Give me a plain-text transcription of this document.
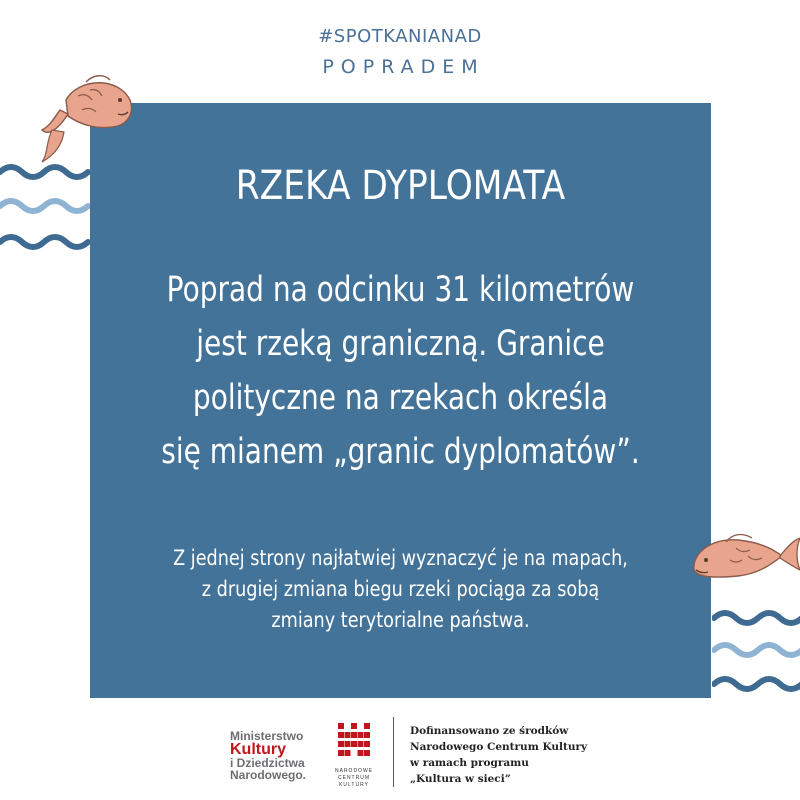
#SPOTKANIANAD
POPRADEM
RZEKA DYPLOMATA
Poprad na odcinku 31 kilometrów
jest rzeką graniczną. Granice
polityczne na rzekach określa
się mianem „granic dyplomatów”.
Z jednej strony najłatwiej wyznaczyć je na mapach,
z drugiej zmiana biegu rzeki pociąga za sobą
zmiany terytorialne państwa.
Ministerstwo
Kultury
i Dziedzictwa
Narodowego.	NARODOWE
CENTRUM
KULTURY
Dofinansowano ze środków
Narodowego Centrum Kultury
w ramach programu
„Kultura w sieci”
